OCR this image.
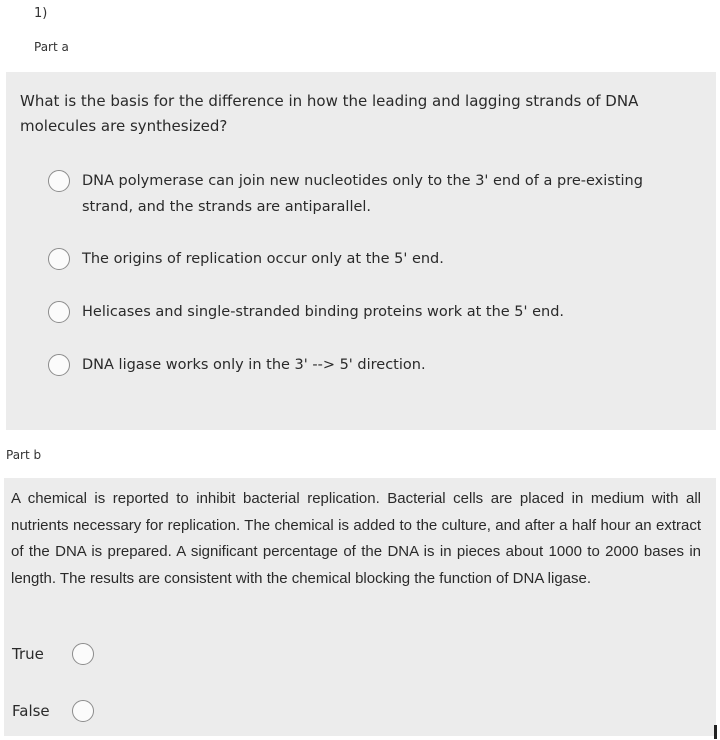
1)
Part a
What is the basis for the difference in how the leading and lagging strands of DNA molecules are synthesized?
DNA polymerase can join new nucleotides only to the 3' end of a pre-existing strand, and the strands are antiparallel.
The origins of replication occur only at the 5' end.
Helicases and single-stranded binding proteins work at the 5' end.
DNA ligase works only in the 3' --> 5' direction.
Part b
A chemical is reported to inhibit bacterial replication. Bacterial cells are placed in medium with all nutrients necessary for replication. The chemical is added to the culture, and after a half hour an extract of the DNA is prepared. A significant percentage of the DNA is in pieces about 1000 to 2000 bases in length. The results are consistent with the chemical blocking the function of DNA ligase.
True
False
